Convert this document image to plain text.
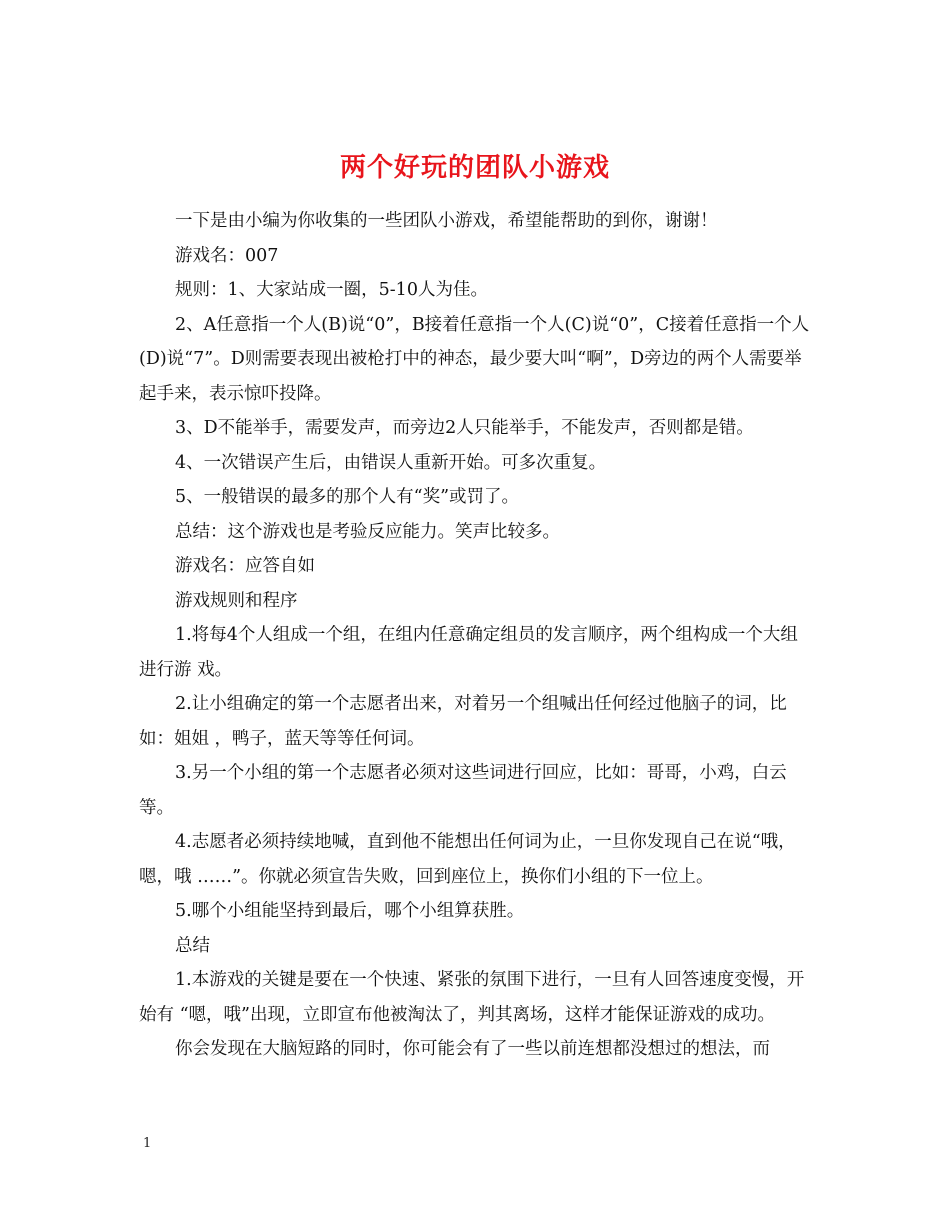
两个好玩的团队小游戏

一下是由小编为你收集的一些团队小游戏，希望能帮助的到你，谢谢！

游戏名：007

规则：1、大家站成一圈，5-10人为佳。

2、A任意指一个人(B)说“0”，B接着任意指一个人(C)说“0”，C接着任意指一个人(D)说“7”。D则需要表现出被枪打中的神态，最少要大叫“啊”，D旁边的两个人需要举起手来，表示惊吓投降。

3、D不能举手，需要发声，而旁边2人只能举手，不能发声，否则都是错。

4、一次错误产生后，由错误人重新开始。可多次重复。

5、一般错误的最多的那个人有“奖”或罚了。

总结：这个游戏也是考验反应能力。笑声比较多。

游戏名：应答自如

游戏规则和程序

1.将每4个人组成一个组，在组内任意确定组员的发言顺序，两个组构成一个大组进行游 戏。

2.让小组确定的第一个志愿者出来，对着另一个组喊出任何经过他脑子的词，比如：姐姐 ，鸭子，蓝天等等任何词。

3.另一个小组的第一个志愿者必须对这些词进行回应，比如：哥哥，小鸡，白云等。

4.志愿者必须持续地喊，直到他不能想出任何词为止，一旦你发现自己在说“哦，嗯，哦 ……”。你就必须宣告失败，回到座位上，换你们小组的下一位上。

5.哪个小组能坚持到最后，哪个小组算获胜。

总结

1.本游戏的关键是要在一个快速、紧张的氛围下进行，一旦有人回答速度变慢，开始有 “嗯，哦”出现，立即宣布他被淘汰了，判其离场，这样才能保证游戏的成功。

你会发现在大脑短路的同时，你可能会有了一些以前连想都没想过的想法，而

1
